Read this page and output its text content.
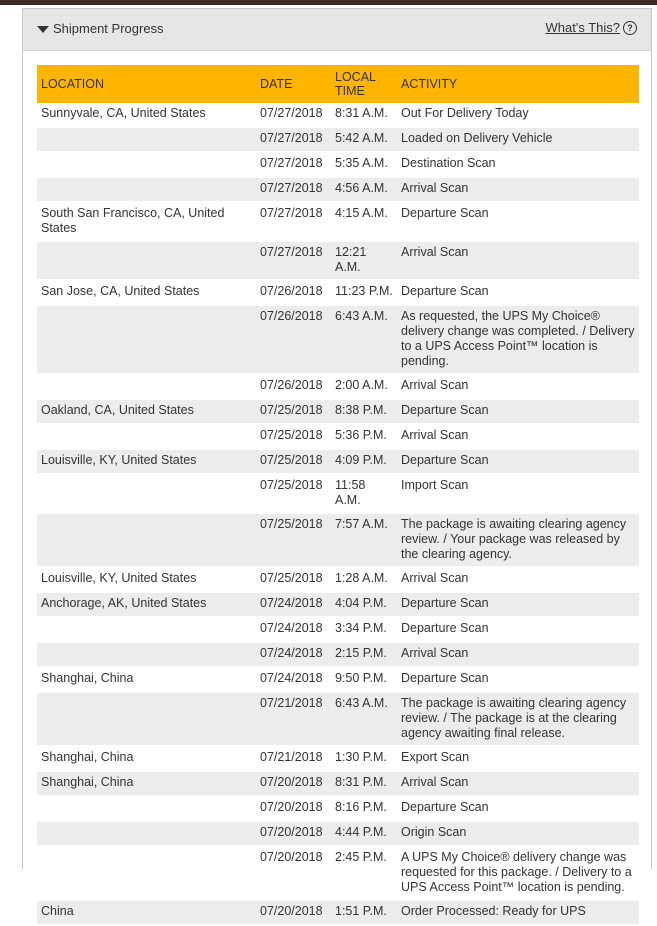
Shipment Progress	What's This? ?
LOCATION	DATE	LOCAL TIME	ACTIVITY
Sunnyvale, CA, United States	07/27/2018	8:31 A.M.	Out For Delivery Today
	07/27/2018	5:42 A.M.	Loaded on Delivery Vehicle
	07/27/2018	5:35 A.M.	Destination Scan
	07/27/2018	4:56 A.M.	Arrival Scan
South San Francisco, CA, United States	07/27/2018	4:15 A.M.	Departure Scan
	07/27/2018	12:21 A.M.	Arrival Scan
San Jose, CA, United States	07/26/2018	11:23 P.M.	Departure Scan
	07/26/2018	6:43 A.M.	As requested, the UPS My Choice® delivery change was completed. / Delivery to a UPS Access Point™ location is pending.
	07/26/2018	2:00 A.M.	Arrival Scan
Oakland, CA, United States	07/25/2018	8:38 P.M.	Departure Scan
	07/25/2018	5:36 P.M.	Arrival Scan
Louisville, KY, United States	07/25/2018	4:09 P.M.	Departure Scan
	07/25/2018	11:58 A.M.	Import Scan
	07/25/2018	7:57 A.M.	The package is awaiting clearing agency review. / Your package was released by the clearing agency.
Louisville, KY, United States	07/25/2018	1:28 A.M.	Arrival Scan
Anchorage, AK, United States	07/24/2018	4:04 P.M.	Departure Scan
	07/24/2018	3:34 P.M.	Departure Scan
	07/24/2018	2:15 P.M.	Arrival Scan
Shanghai, China	07/24/2018	9:50 P.M.	Departure Scan
	07/21/2018	6:43 A.M.	The package is awaiting clearing agency review. / The package is at the clearing agency awaiting final release.
Shanghai, China	07/21/2018	1:30 P.M.	Export Scan
Shanghai, China	07/20/2018	8:31 P.M.	Arrival Scan
	07/20/2018	8:16 P.M.	Departure Scan
	07/20/2018	4:44 P.M.	Origin Scan
	07/20/2018	2:45 P.M.	A UPS My Choice® delivery change was requested for this package. / Delivery to a UPS Access Point™ location is pending.
China	07/20/2018	1:51 P.M.	Order Processed: Ready for UPS
